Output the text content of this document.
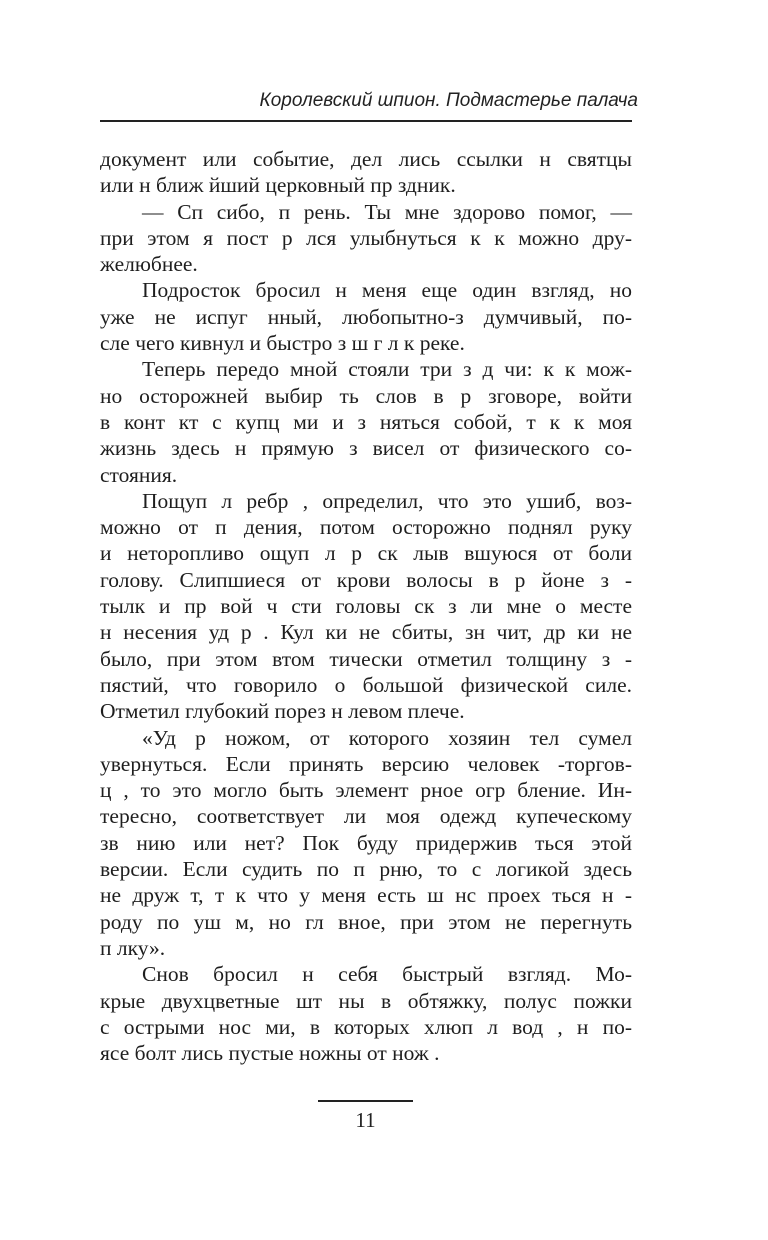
Королевский шпион. Подмастерье палача

документ или событие, дел лись ссылки н святцы
или н ближ йший церковный пр здник.

— Сп сибо, п рень. Ты мне здорово помог, —
при этом я пост р лся улыбнуться к к можно дру-
желюбнее.

Подросток бросил н меня еще один взгляд, но
уже не испуг нный, любопытно-з думчивый, по-
сле чего кивнул и быстро з ш г л к реке.

Теперь передо мной стояли три з д чи: к к мож-
но осторожней выбир ть слов в р зговоре, войти
в конт кт с купц ми и з няться собой, т к к моя
жизнь здесь н прямую з висел от физического со-
стояния.

Пощуп л ребр , определил, что это ушиб, воз-
можно от п дения, потом осторожно поднял руку
и неторопливо ощуп л р ск лыв вшуюся от боли
голову. Слипшиеся от крови волосы в р йоне з -
тылк и пр вой ч сти головы ск з ли мне о месте
н несения уд р . Кул ки не сбиты, зн чит, др ки не
было, при этом втом тически отметил толщину з -
пястий, что говорило о большой физической силе.
Отметил глубокий порез н левом плече.

«Уд р ножом, от которого хозяин тел сумел
увернуться. Если принять версию человек -торгов-
ц , то это могло быть элемент рное огр бление. Ин-
тересно, соответствует ли моя одежд купеческому
зв нию или нет? Пок буду придержив ться этой
версии. Если судить по п рню, то с логикой здесь
не друж т, т к что у меня есть ш нс проех ться н -
роду по уш м, но гл вное, при этом не перегнуть
п лку».

Снов бросил н себя быстрый взгляд. Мо-
крые двухцветные шт ны в обтяжку, полус пожки
с острыми нос ми, в которых хлюп л вод , н по-
ясе болт лись пустые ножны от нож .

11
